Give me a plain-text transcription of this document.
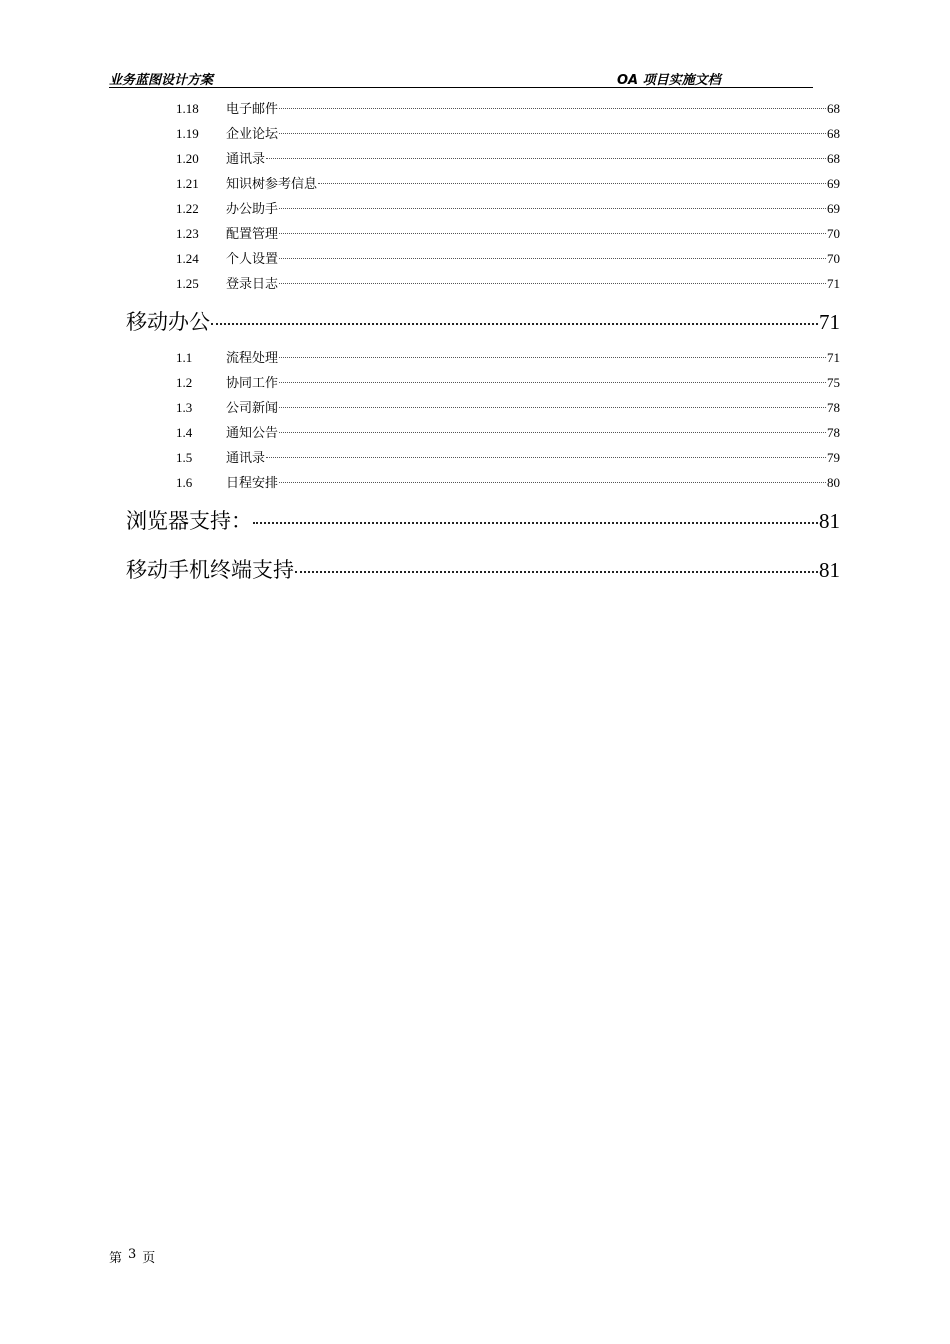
业务蓝图设计方案	OA 项目实施文档
1.18	电子邮件	68
1.19	企业论坛	68
1.20	通讯录	68
1.21	知识树参考信息	69
1.22	办公助手	69
1.23	配置管理	70
1.24	个人设置	70
1.25	登录日志	71
移动办公	71
1.1	流程处理	71
1.2	协同工作	75
1.3	公司新闻	78
1.4	通知公告	78
1.5	通讯录	79
1.6	日程安排	80
浏览器支持：	81
移动手机终端支持	81
第 3 页
